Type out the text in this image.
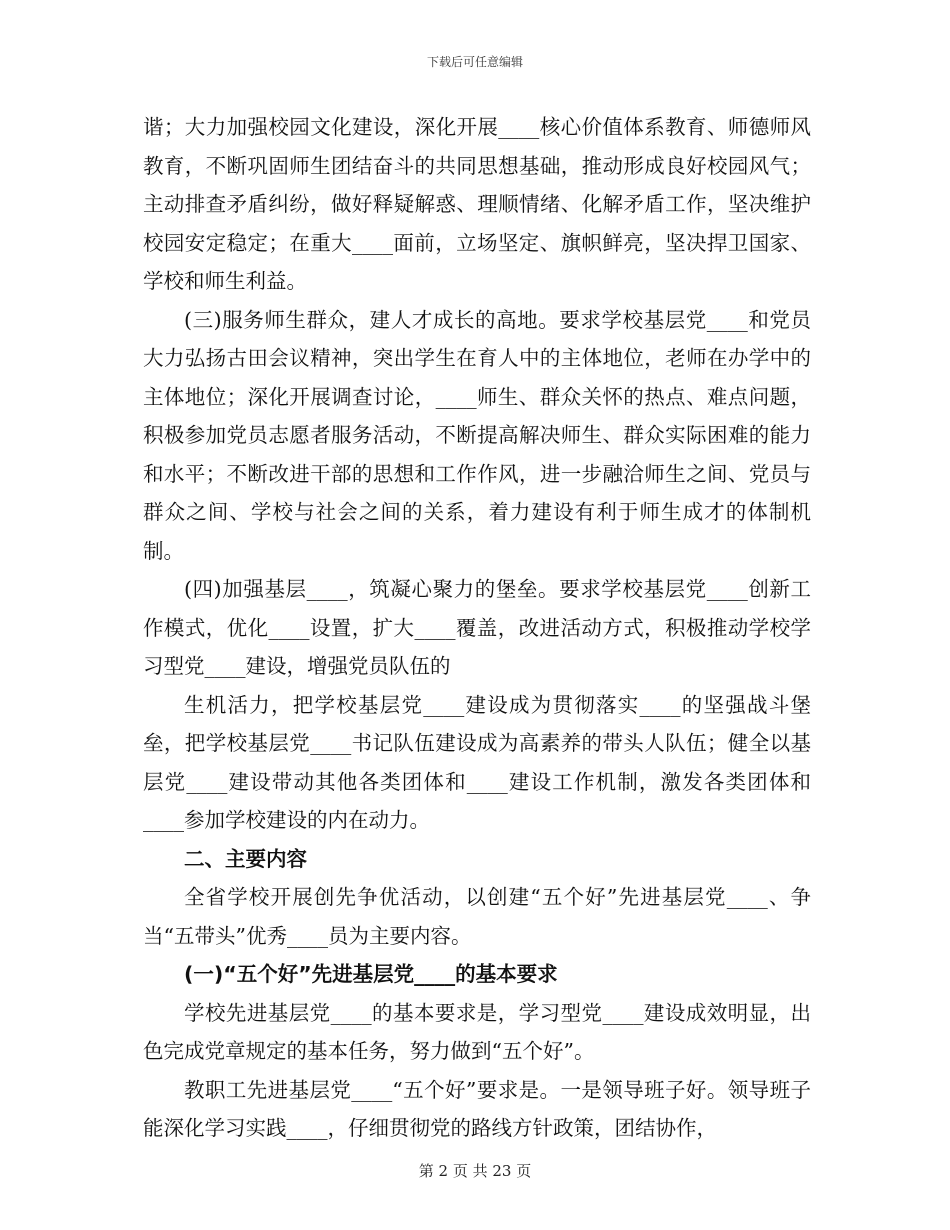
下载后可任意编辑

谐；大力加强校园文化建设，深化开展____核心价值体系教育、师德师风教育，不断巩固师生团结奋斗的共同思想基础，推动形成良好校园风气；主动排查矛盾纠纷，做好释疑解惑、理顺情绪、化解矛盾工作，坚决维护校园安定稳定；在重大____面前，立场坚定、旗帜鲜亮，坚决捍卫国家、学校和师生利益。

(三)服务师生群众，建人才成长的高地。要求学校基层党____和党员大力弘扬古田会议精神，突出学生在育人中的主体地位，老师在办学中的主体地位；深化开展调查讨论，____师生、群众关怀的热点、难点问题，积极参加党员志愿者服务活动，不断提高解决师生、群众实际困难的能力和水平；不断改进干部的思想和工作作风，进一步融洽师生之间、党员与群众之间、学校与社会之间的关系，着力建设有利于师生成才的体制机制。

(四)加强基层____，筑凝心聚力的堡垒。要求学校基层党____创新工作模式，优化____设置，扩大____覆盖，改进活动方式，积极推动学校学习型党____建设，增强党员队伍的

生机活力，把学校基层党____建设成为贯彻落实____的坚强战斗堡垒，把学校基层党____书记队伍建设成为高素养的带头人队伍；健全以基层党____建设带动其他各类团体和____建设工作机制，激发各类团体和____参加学校建设的内在动力。

二、主要内容

全省学校开展创先争优活动，以创建“五个好”先进基层党____、争当“五带头”优秀____员为主要内容。

(一)“五个好”先进基层党____的基本要求

学校先进基层党____的基本要求是，学习型党____建设成效明显，出色完成党章规定的基本任务，努力做到“五个好”。

教职工先进基层党____“五个好”要求是。一是领导班子好。领导班子能深化学习实践____，仔细贯彻党的路线方针政策，团结协作，

第 2 页 共 23 页
